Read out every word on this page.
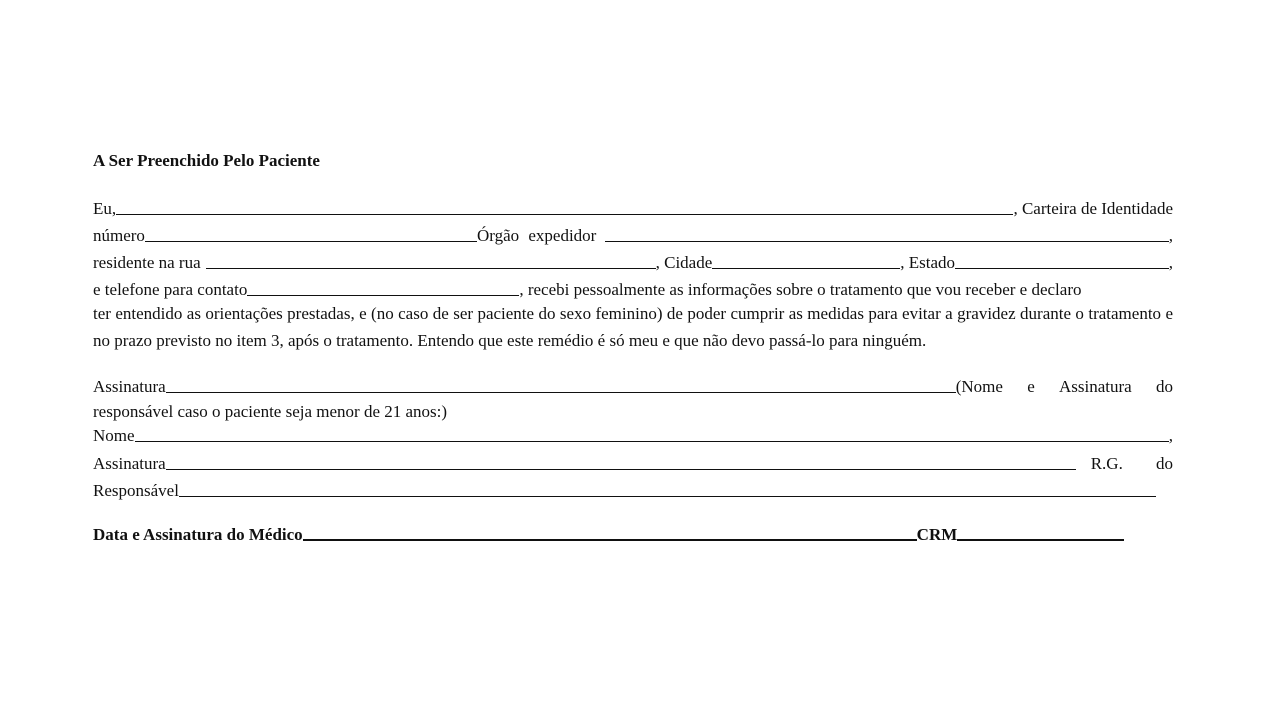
A Ser Preenchido Pelo Paciente
Eu,	, Carteira de Identidade
número	Órgão expedidor	,
residente na rua	, Cidade	, Estado	,
e telefone para contato	, recebi pessoalmente as informações sobre o tratamento que vou receber e declaro
ter entendido as orientações prestadas, e (no caso de ser paciente do sexo feminino) de poder cumprir as medidas para evitar a gravidez durante o tratamento e no prazo previsto no item 3, após o tratamento. Entendo que este remédio é só meu e que não devo passá-lo para ninguém.
Assinatura	(Nome e Assinatura do
responsável caso o paciente seja menor de 21 anos:)
Nome	,
Assinatura	R.G. do
Responsável
Data e Assinatura do Médico	CRM
